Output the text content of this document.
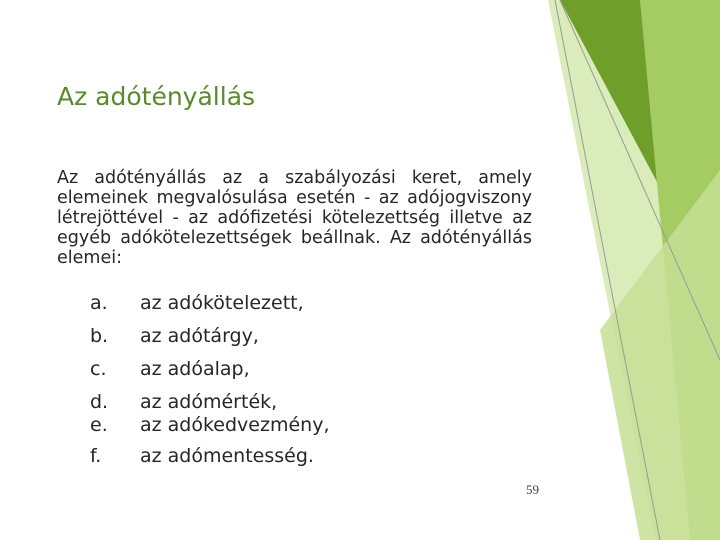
Az adótényállás
Az adótényállás az a szabályozási keret, amely elemeinek megvalósulása esetén - az adójogviszony létrejöttével - az adófizetési kötelezettség illetve az egyéb adókötelezettségek beállnak. Az adótényállás elemei:
a. az adókötelezett,
b. az adótárgy,
c. az adóalap,
d. az adómérték,
e. az adókedvezmény,
f. az adómentesség.
59
